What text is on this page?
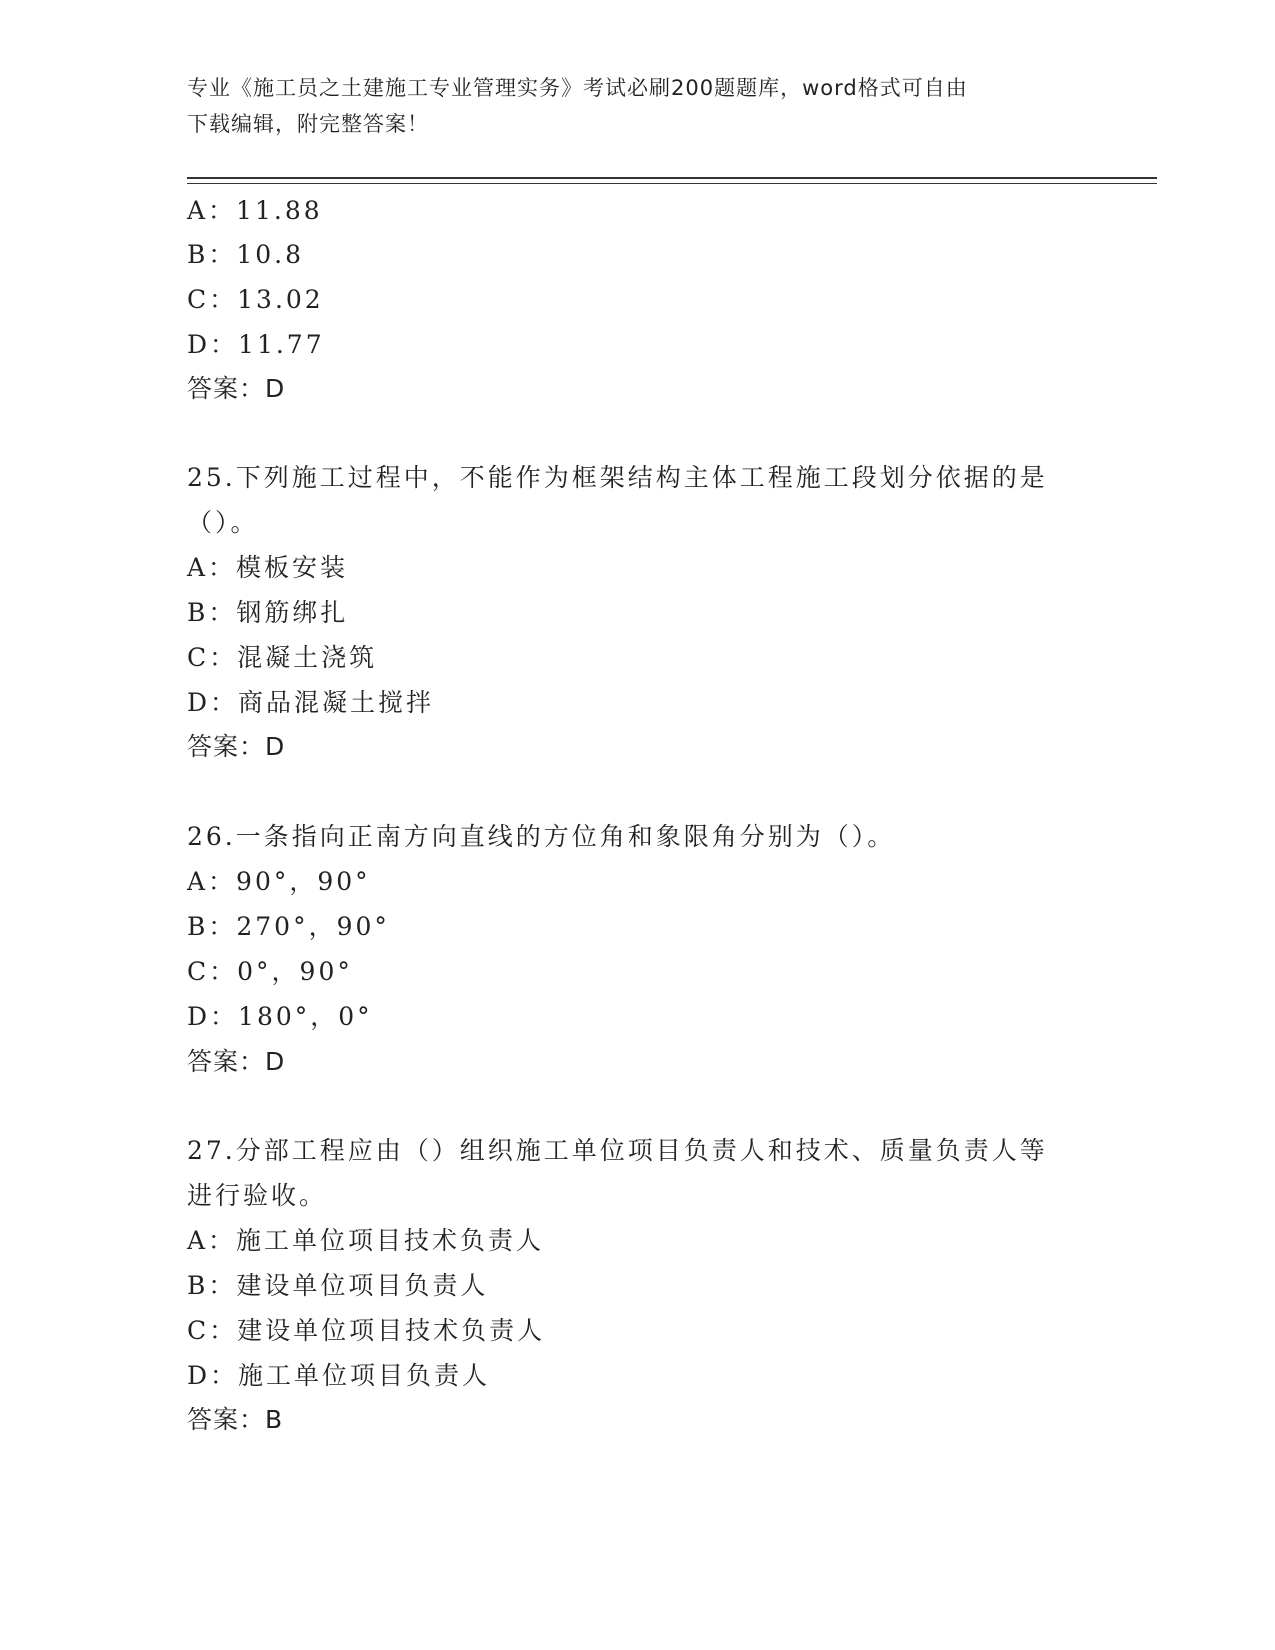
专业《施工员之土建施工专业管理实务》考试必刷200题题库，word格式可自由
下载编辑，附完整答案！
A：11.88
B：10.8
C：13.02
D：11.77
答案：D
25.下列施工过程中，不能作为框架结构主体工程施工段划分依据的是
（）。
A：模板安装
B：钢筋绑扎
C：混凝土浇筑
D：商品混凝土搅拌
答案：D
26.一条指向正南方向直线的方位角和象限角分别为（）。
A：90°，90°
B：270°，90°
C：0°，90°
D：180°，0°
答案：D
27.分部工程应由（）组织施工单位项目负责人和技术、质量负责人等
进行验收。
A：施工单位项目技术负责人
B：建设单位项目负责人
C：建设单位项目技术负责人
D：施工单位项目负责人
答案：B
